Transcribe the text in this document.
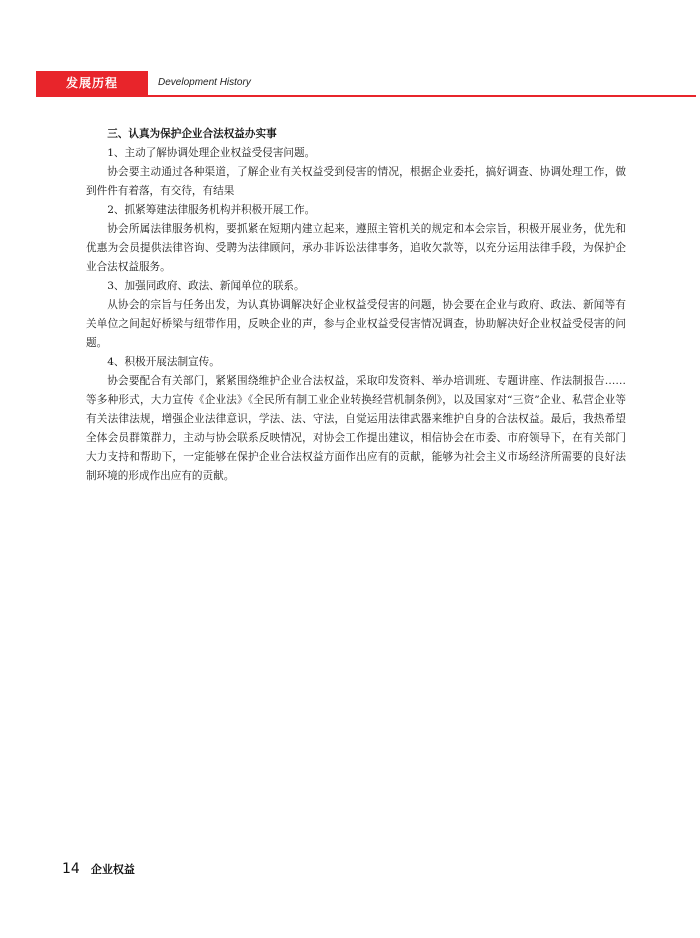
发展历程	Development History

三、认真为保护企业合法权益办实事

1、主动了解协调处理企业权益受侵害问题。

协会要主动通过各种渠道，了解企业有关权益受到侵害的情况，根据企业委托，搞好调查、协调处理工作，做到件件有着落，有交待，有结果

2、抓紧筹建法律服务机构并积极开展工作。

协会所属法律服务机构，要抓紧在短期内建立起来，遵照主管机关的规定和本会宗旨，积极开展业务，优先和优惠为会员提供法律咨询、受聘为法律顾问，承办非诉讼法律事务，追收欠款等，以充分运用法律手段，为保护企业合法权益服务。

3、加强同政府、政法、新闻单位的联系。

从协会的宗旨与任务出发，为认真协调解决好企业权益受侵害的问题，协会要在企业与政府、政法、新闻等有关单位之间起好桥梁与纽带作用，反映企业的声，参与企业权益受侵害情况调查，协助解决好企业权益受侵害的问题。

4、积极开展法制宣传。

协会要配合有关部门，紧紧围绕维护企业合法权益，采取印发资料、举办培训班、专题讲座、作法制报告……等多种形式，大力宣传《企业法》《全民所有制工业企业转换经营机制条例》，以及国家对“三资”企业、私营企业等有关法律法规，增强企业法律意识，学法、法、守法，自觉运用法律武器来维护自身的合法权益。最后，我热希望全体会员群策群力，主动与协会联系反映情况，对协会工作提出建议，相信协会在市委、市府领导下，在有关部门大力支持和帮助下，一定能够在保护企业合法权益方面作出应有的贡献，能够为社会主义市场经济所需要的良好法制环境的形成作出应有的贡献。

14 企业权益
